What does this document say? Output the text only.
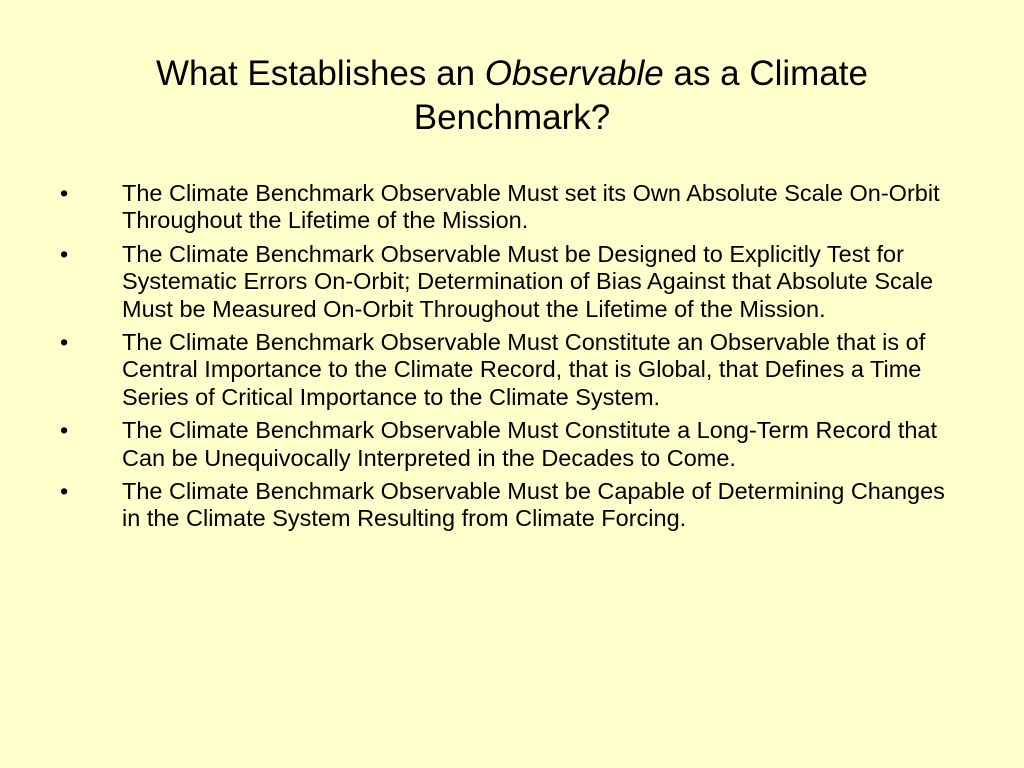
What Establishes an Observable as a Climate Benchmark?
•	The Climate Benchmark Observable Must set its Own Absolute Scale On-Orbit Throughout the Lifetime of the Mission.
•	The Climate Benchmark Observable Must be Designed to Explicitly Test for Systematic Errors On-Orbit; Determination of Bias Against that Absolute Scale Must be Measured On-Orbit Throughout the Lifetime of the Mission.
•	The Climate Benchmark Observable Must Constitute an Observable that is of Central Importance to the Climate Record, that is Global, that Defines a Time Series of Critical Importance to the Climate System.
•	The Climate Benchmark Observable Must Constitute a Long-Term Record that Can be Unequivocally Interpreted in the Decades to Come.
•	The Climate Benchmark Observable Must be Capable of Determining Changes in the Climate System Resulting from Climate Forcing.
